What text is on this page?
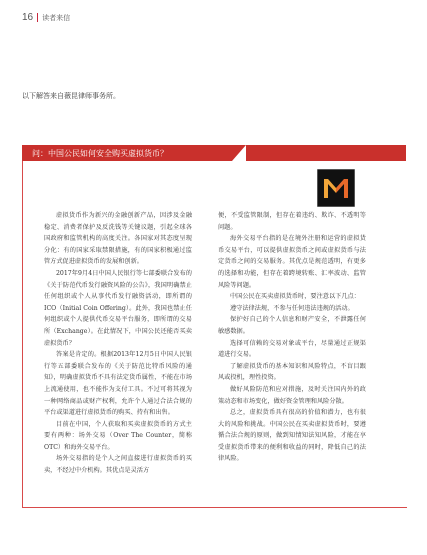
16 读者来信
以下解答来自薇昆律师事务所。
问：中国公民如何安全购买虚拟货币？

虚拟货币作为新兴的金融创新产品，因涉及金融稳定、消费者保护及反洗钱等关键议题，引起全球各国政府和监管机构的高度关注。各国家对其态度呈现分化：有的国家采取禁限措施，有的国家积极通过监管方式促进虚拟货币的发展和创新。

2017年9月4日中国人民银行等七部委联合发布的《关于防范代币发行融资风险的公告》，我国明确禁止任何组织或个人从事代币发行融资活动，即所谓的ICO（Initial Coin Offering）。此外，我国也禁止任何组织或个人提供代币交易平台服务，即所谓的交易所（Exchange）。在此情况下，中国公民还能否买卖虚拟货币？

答案是肯定的。根据2013年12月5日中国人民银行等五部委联合发布的《关于防范比特币风险的通知》，明确虚拟货币不具有法定货币属性，不能在市场上流通使用，也不能作为支付工具。不过可将其视为一种网络商品或财产权利，允许个人通过合法合规的平台或渠道进行虚拟货币的购买、持有和出售。

目前在中国，个人获取和买卖虚拟货币的方式主要有两种：场外交易（Over The Counter，简称OTC）和海外交易平台。

场外交易指的是个人之间直接进行虚拟货币的买卖，不经过中介机构。其优点是灵活方

便，不受监管限制，但存在着违约、欺诈、不透明等问题。

海外交易平台指的是在境外注册和运营的虚拟货币交易平台，可以提供虚拟货币之间或虚拟货币与法定货币之间的交易服务。其优点是规范透明，有更多的选择和功能，但存在着跨境转账、汇率波动、监管风险等问题。

中国公民在买卖虚拟货币时，要注意以下几点：

遵守法律法规，不参与任何违法违规的活动。

保护好自己的个人信息和财产安全，不泄露任何敏感数据。

选择可信赖的交易对象或平台，尽量通过正规渠道进行交易。

了解虚拟货币的基本知识和风险特点，不盲目跟风或投机，理性投资。

做好风险防范和应对措施，及时关注国内外的政策动态和市场变化，做好资金管理和风险分散。

总之，虚拟货币具有很高的价值和潜力，也有很大的风险和挑战。中国公民在买卖虚拟货币时，要遵循合法合规的原则，做到知情知法知风险，才能在享受虚拟货币带来的便利和收益的同时，降低自己的法律风险。
